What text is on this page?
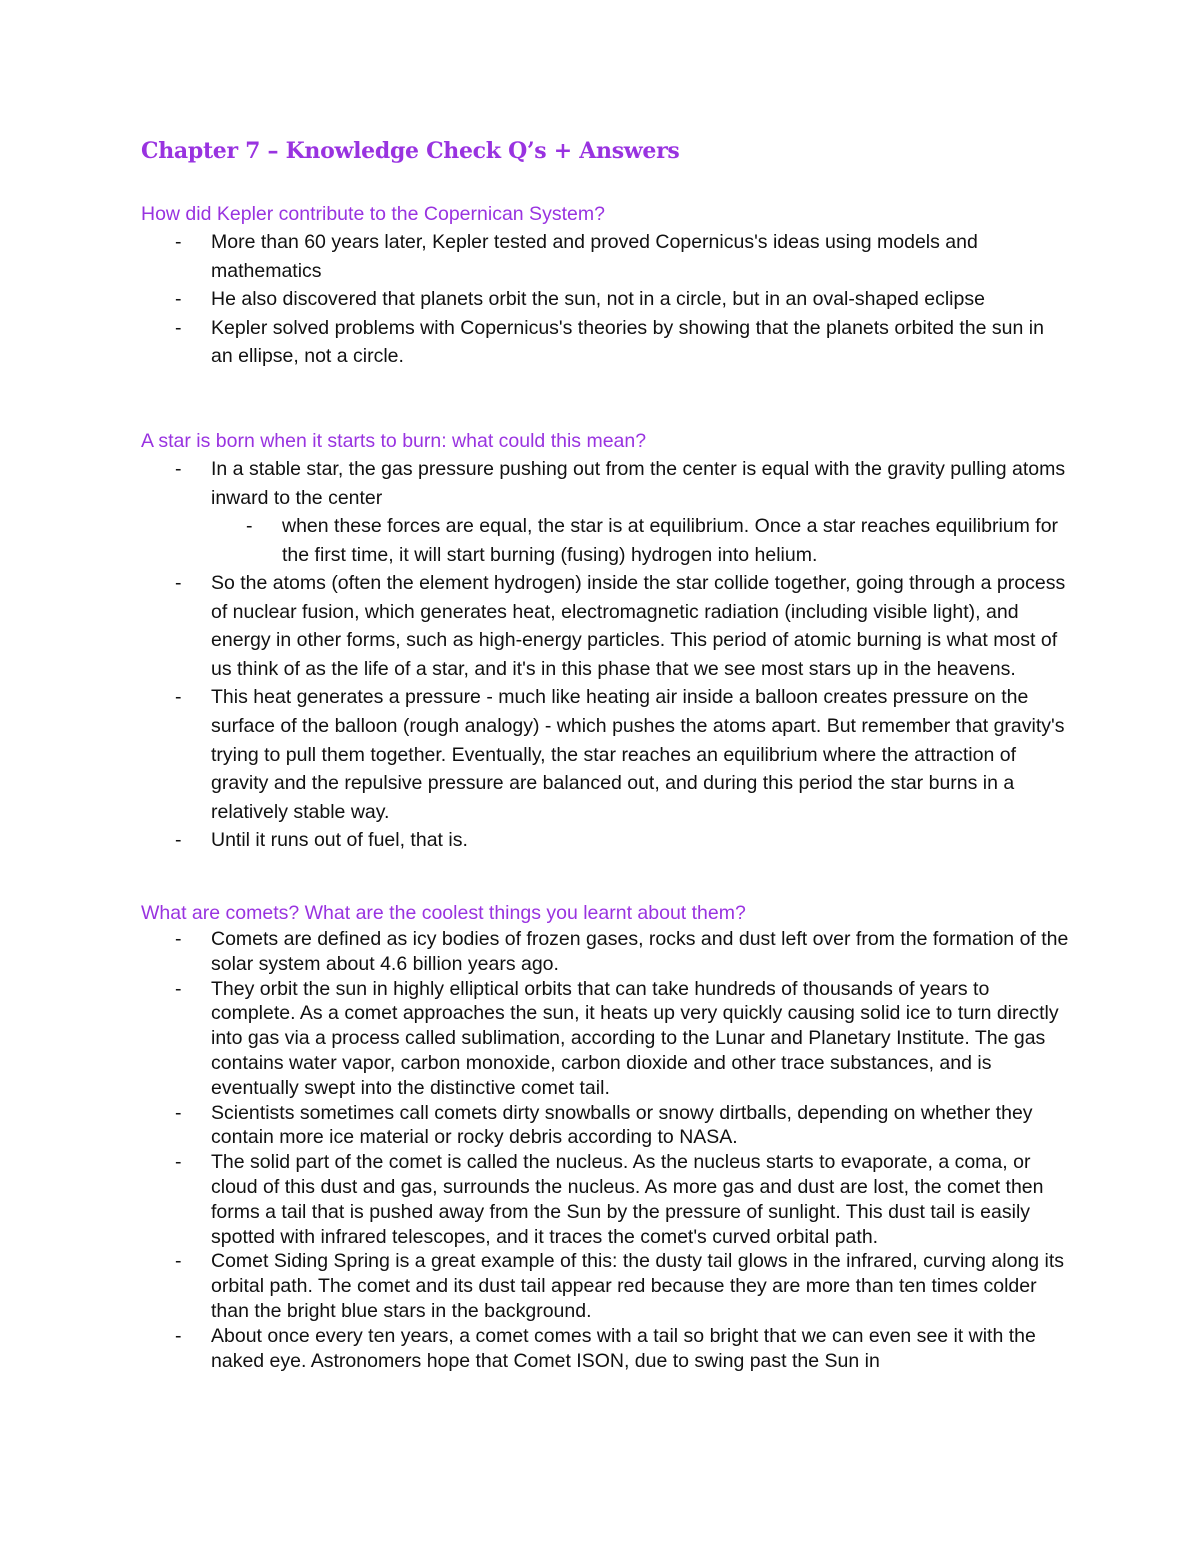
Chapter 7 – Knowledge Check Q’s + Answers
How did Kepler contribute to the Copernican System?
- More than 60 years later, Kepler tested and proved Copernicus's ideas using models and mathematics
- He also discovered that planets orbit the sun, not in a circle, but in an oval-shaped eclipse
- Kepler solved problems with Copernicus's theories by showing that the planets orbited the sun in an ellipse, not a circle.
A star is born when it starts to burn: what could this mean?
- In a stable star, the gas pressure pushing out from the center is equal with the gravity pulling atoms inward to the center
- when these forces are equal, the star is at equilibrium. Once a star reaches equilibrium for the first time, it will start burning (fusing) hydrogen into helium.
- So the atoms (often the element hydrogen) inside the star collide together, going through a process of nuclear fusion, which generates heat, electromagnetic radiation (including visible light), and energy in other forms, such as high-energy particles. This period of atomic burning is what most of us think of as the life of a star, and it's in this phase that we see most stars up in the heavens.
- This heat generates a pressure - much like heating air inside a balloon creates pressure on the surface of the balloon (rough analogy) - which pushes the atoms apart. But remember that gravity's trying to pull them together. Eventually, the star reaches an equilibrium where the attraction of gravity and the repulsive pressure are balanced out, and during this period the star burns in a relatively stable way.
- Until it runs out of fuel, that is.
What are comets? What are the coolest things you learnt about them?
- Comets are defined as icy bodies of frozen gases, rocks and dust left over from the formation of the solar system about 4.6 billion years ago.
- They orbit the sun in highly elliptical orbits that can take hundreds of thousands of years to complete. As a comet approaches the sun, it heats up very quickly causing solid ice to turn directly into gas via a process called sublimation, according to the Lunar and Planetary Institute. The gas contains water vapor, carbon monoxide, carbon dioxide and other trace substances, and is eventually swept into the distinctive comet tail.
- Scientists sometimes call comets dirty snowballs or snowy dirtballs, depending on whether they contain more ice material or rocky debris according to NASA.
- The solid part of the comet is called the nucleus. As the nucleus starts to evaporate, a coma, or cloud of this dust and gas, surrounds the nucleus. As more gas and dust are lost, the comet then forms a tail that is pushed away from the Sun by the pressure of sunlight. This dust tail is easily spotted with infrared telescopes, and it traces the comet's curved orbital path.
- Comet Siding Spring is a great example of this: the dusty tail glows in the infrared, curving along its orbital path. The comet and its dust tail appear red because they are more than ten times colder than the bright blue stars in the background.
- About once every ten years, a comet comes with a tail so bright that we can even see it with the naked eye. Astronomers hope that Comet ISON, due to swing past the Sun in
